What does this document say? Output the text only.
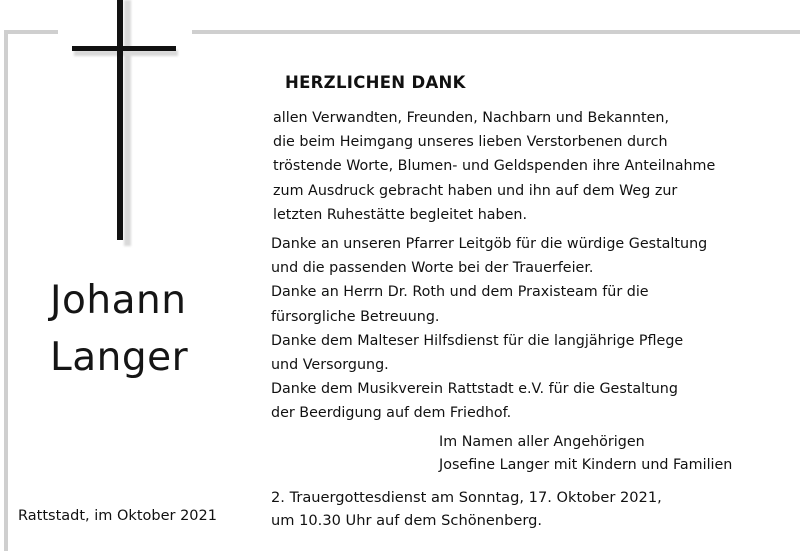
Johann
Langer
Rattstadt, im Oktober 2021
HERZLICHEN DANK
allen Verwandten, Freunden, Nachbarn und Bekannten,
die beim Heimgang unseres lieben Verstorbenen durch
tröstende Worte, Blumen- und Geldspenden ihre Anteilnahme
zum Ausdruck gebracht haben und ihn auf dem Weg zur
letzten Ruhestätte begleitet haben.
Danke an unseren Pfarrer Leitgöb für die würdige Gestaltung
und die passenden Worte bei der Trauerfeier.
Danke an Herrn Dr. Roth und dem Praxisteam für die
fürsorgliche Betreuung.
Danke dem Malteser Hilfsdienst für die langjährige Pflege
und Versorgung.
Danke dem Musikverein Rattstadt e.V. für die Gestaltung
der Beerdigung auf dem Friedhof.
Im Namen aller Angehörigen
Josefine Langer mit Kindern und Familien
2. Trauergottesdienst am Sonntag, 17. Oktober 2021,
um 10.30 Uhr auf dem Schönenberg.
